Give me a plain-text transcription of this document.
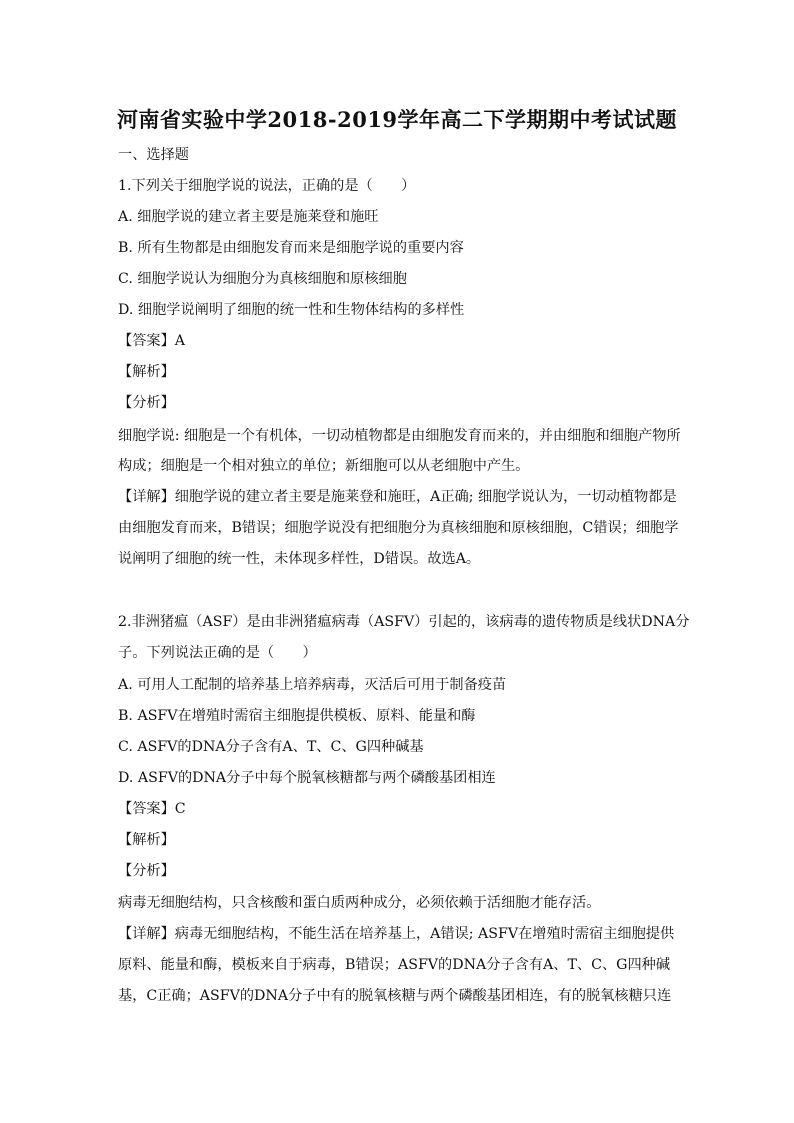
河南省实验中学2018-2019学年高二下学期期中考试试题
一、选择题
1.下列关于细胞学说的说法，正确的是（　　）
A. 细胞学说的建立者主要是施莱登和施旺
B. 所有生物都是由细胞发育而来是细胞学说的重要内容
C. 细胞学说认为细胞分为真核细胞和原核细胞
D. 细胞学说阐明了细胞的统一性和生物体结构的多样性
【答案】A
【解析】
【分析】
细胞学说: 细胞是一个有机体，一切动植物都是由细胞发育而来的，并由细胞和细胞产物所
构成；细胞是一个相对独立的单位；新细胞可以从老细胞中产生。
【详解】细胞学说的建立者主要是施莱登和施旺，A正确; 细胞学说认为，一切动植物都是
由细胞发育而来，B错误；细胞学说没有把细胞分为真核细胞和原核细胞，C错误；细胞学
说阐明了细胞的统一性，未体现多样性，D错误。故选A。
2.非洲猪瘟（ASF）是由非洲猪瘟病毒（ASFV）引起的，该病毒的遗传物质是线状DNA分
子。下列说法正确的是（　　）
A. 可用人工配制的培养基上培养病毒，灭活后可用于制备疫苗
B. ASFV在增殖时需宿主细胞提供模板、原料、能量和酶
C. ASFV的DNA分子含有A、T、C、G四种碱基
D. ASFV的DNA分子中每个脱氧核糖都与两个磷酸基团相连
【答案】C
【解析】
【分析】
病毒无细胞结构，只含核酸和蛋白质两种成分，必须依赖于活细胞才能存活。
【详解】病毒无细胞结构，不能生活在培养基上，A错误; ASFV在增殖时需宿主细胞提供
原料、能量和酶，模板来自于病毒，B错误；ASFV的DNA分子含有A、T、C、G四种碱
基，C正确；ASFV的DNA分子中有的脱氧核糖与两个磷酸基团相连，有的脱氧核糖只连
